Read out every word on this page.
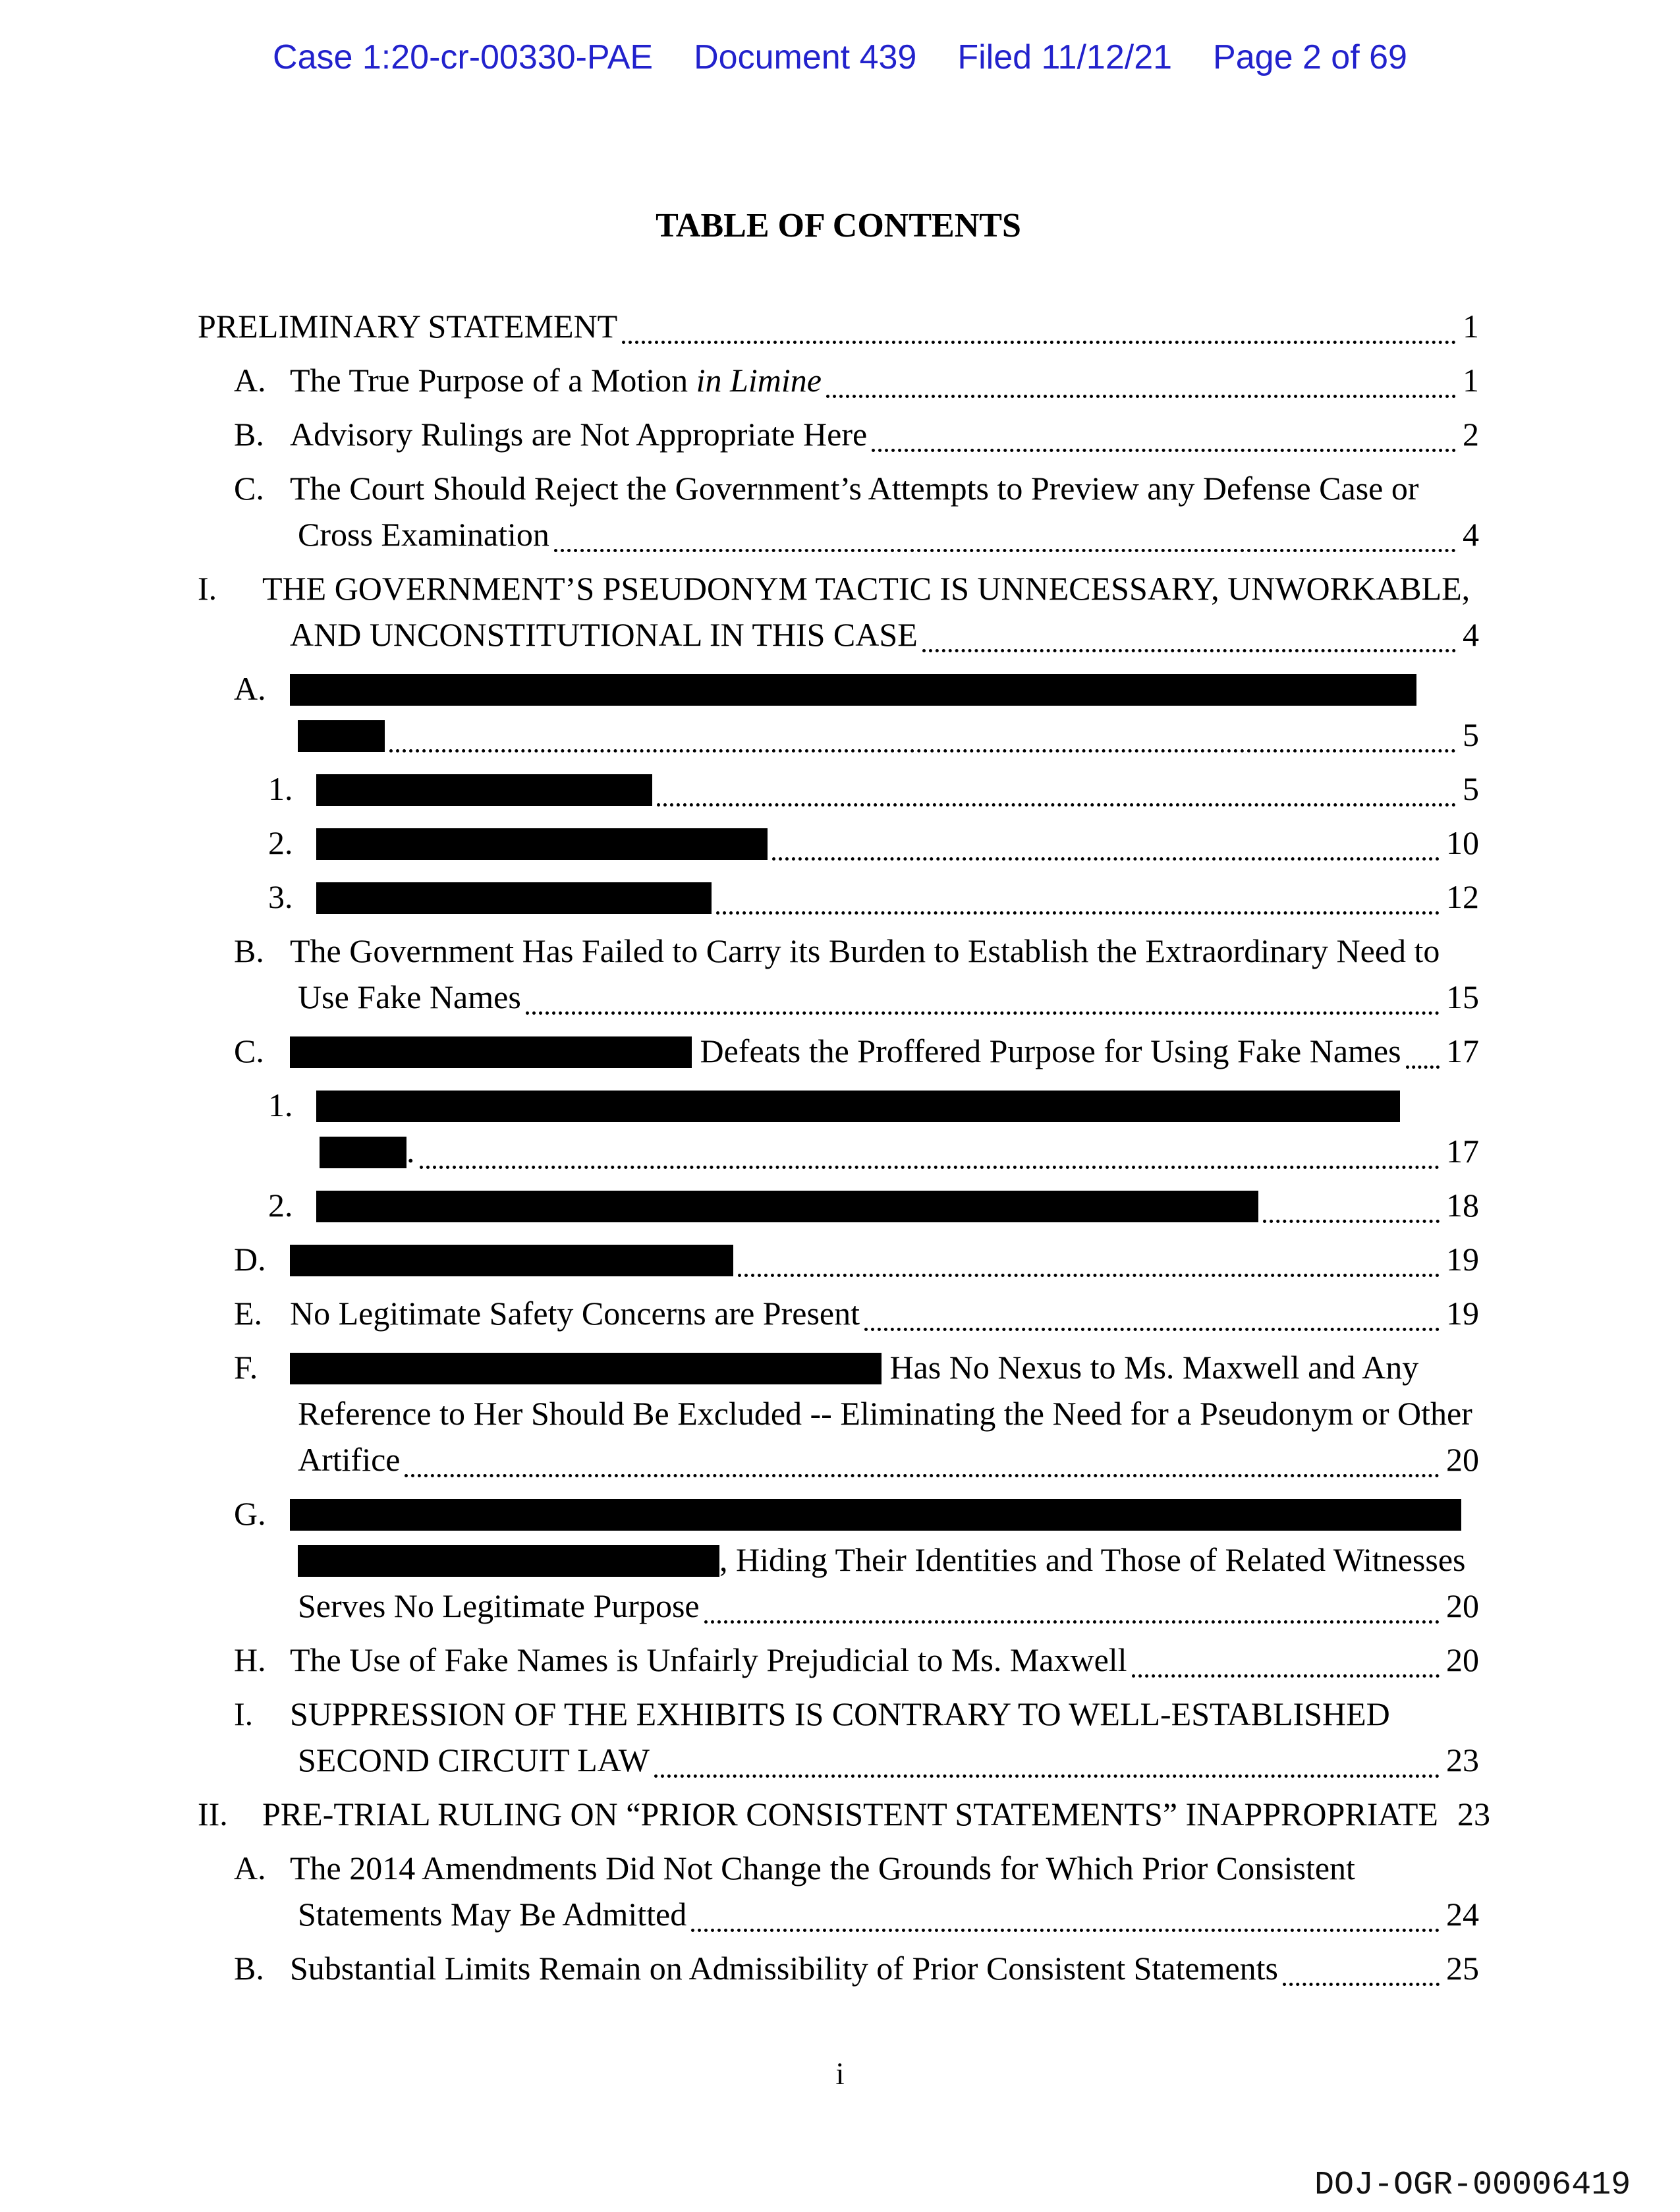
Case 1:20-cr-00330-PAE Document 439 Filed 11/12/21 Page 2 of 69
TABLE OF CONTENTS
PRELIMINARY STATEMENT	1
A. The True Purpose of a Motion in Limine	1
B. Advisory Rulings are Not Appropriate Here	2
C. The Court Should Reject the Government’s Attempts to Preview any Defense Case or
Cross Examination	4
I.	THE GOVERNMENT’S PSEUDONYM TACTIC IS UNNECESSARY, UNWORKABLE,
AND UNCONSTITUTIONAL IN THIS CASE	4
A.
5
1.	5
2.	10
3.	12
B. The Government Has Failed to Carry its Burden to Establish the Extraordinary Need to
Use Fake Names	15
C.	Defeats the Proffered Purpose for Using Fake Names 17
1.
.	17
2.	18
D.	19
E. No Legitimate Safety Concerns are Present	19
F.	Has No Nexus to Ms. Maxwell and Any
Reference to Her Should Be Excluded -- Eliminating the Need for a Pseudonym or Other
Artifice	20
G.
, Hiding Their Identities and Those of Related Witnesses
Serves No Legitimate Purpose	20
H. The Use of Fake Names is Unfairly Prejudicial to Ms. Maxwell	20
I.	SUPPRESSION OF THE EXHIBITS IS CONTRARY TO WELL-ESTABLISHED
SECOND CIRCUIT LAW	23
II. PRE-TRIAL RULING ON “PRIOR CONSISTENT STATEMENTS” INAPPROPRIATE 23
A. The 2014 Amendments Did Not Change the Grounds for Which Prior Consistent
Statements May Be Admitted	24
B. Substantial Limits Remain on Admissibility of Prior Consistent Statements	25
i
DOJ-OGR-00006419
